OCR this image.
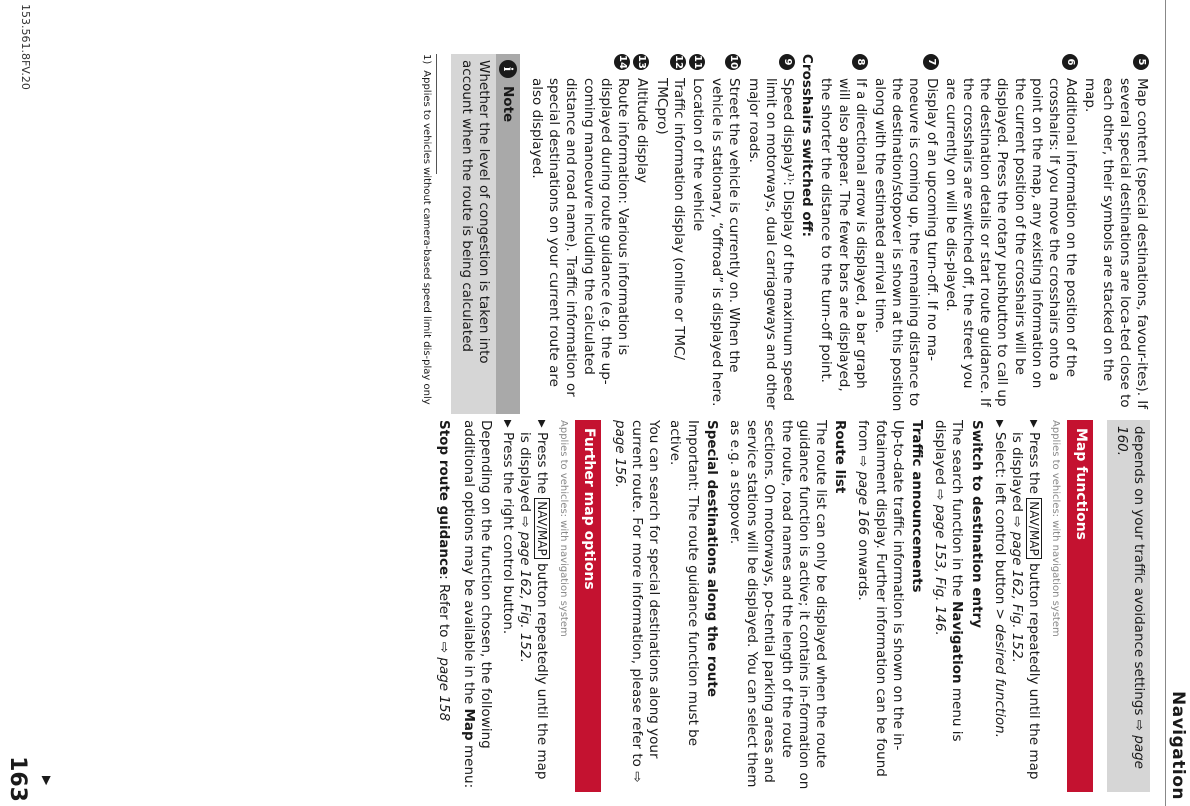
Navigation
5
Map content (special destinations, favour-ites). If several special destinations are loca-ted close to each other, their symbols are stacked on the map.
6
Additional information on the position of the crosshairs: If you move the crosshairs onto a point on the map, any existing information on the current position of the crosshairs will be displayed. Press the rotary pushbutton to call up the destination details or start route guidance. If the crosshairs are switched off, the street you are currently on will be dis-played.
7
Display of an upcoming turn-off. If no ma-noeuvre is coming up, the remaining distance to the destination/stopover is shown at this position along with the estimated arrival time.
8
If a directional arrow is displayed, a bar graph will also appear. The fewer bars are displayed, the shorter the distance to the turn-off point.
Crosshairs switched off:
9
Speed display¹⁾: Display of the maximum speed limit on motorways, dual carriageways and other major roads.
10
Street the vehicle is currently on. When the vehicle is stationary, “offroad” is displayed here.
11
Location of the vehicle
12
Traffic information display (online or TMC/ TMCpro)
13
Altitude display
14
Route information: Various information is displayed during route guidance (e.g. the up-coming manoeuvre including the calculated distance and road name). Traffic information or special destinations on your current route are also displayed.
i
Note
Whether the level of congestion is taken into account when the route is being calculated
1)
Applies to vehicles without camera-based speed limit dis-play only
depends on your traffic avoidance settings ⇨ page 160.
Map functions
Applies to vehicles: with navigation system
▶
Press the NAV/MAP button repeatedly until the map is displayed ⇨ page 162, Fig. 152.
▶
Select: left control button > desired function.
Switch to destination entry

The search function in the Navigation menu is displayed ⇨ page 153, Fig. 146.

Traffic announcements

Up-to-date traffic information is shown on the in-fotainment display. Further information can be found from ⇨ page 166 onwards.

Route list

The route list can only be displayed when the route guidance function is active; it contains in-formation on the route, road names and the length of the route sections. On motorways, po-tential parking areas and service stations will be displayed. You can select them as e.g. a stopover.

Special destinations along the route

Important: The route guidance function must be active.

You can search for special destinations along your current route. For more information, please refer to ⇨ page 156.

Further map options
Applies to vehicles: with navigation system
▶
Press the NAV/MAP button repeatedly until the map is displayed ⇨ page 162, Fig. 152.
▶
Press the right control button.

Depending on the function chosen, the following additional options may be available in the Map menu:

Stop route guidance: Refer to ⇨ page 158

▶
153.561.8FV.20
163
